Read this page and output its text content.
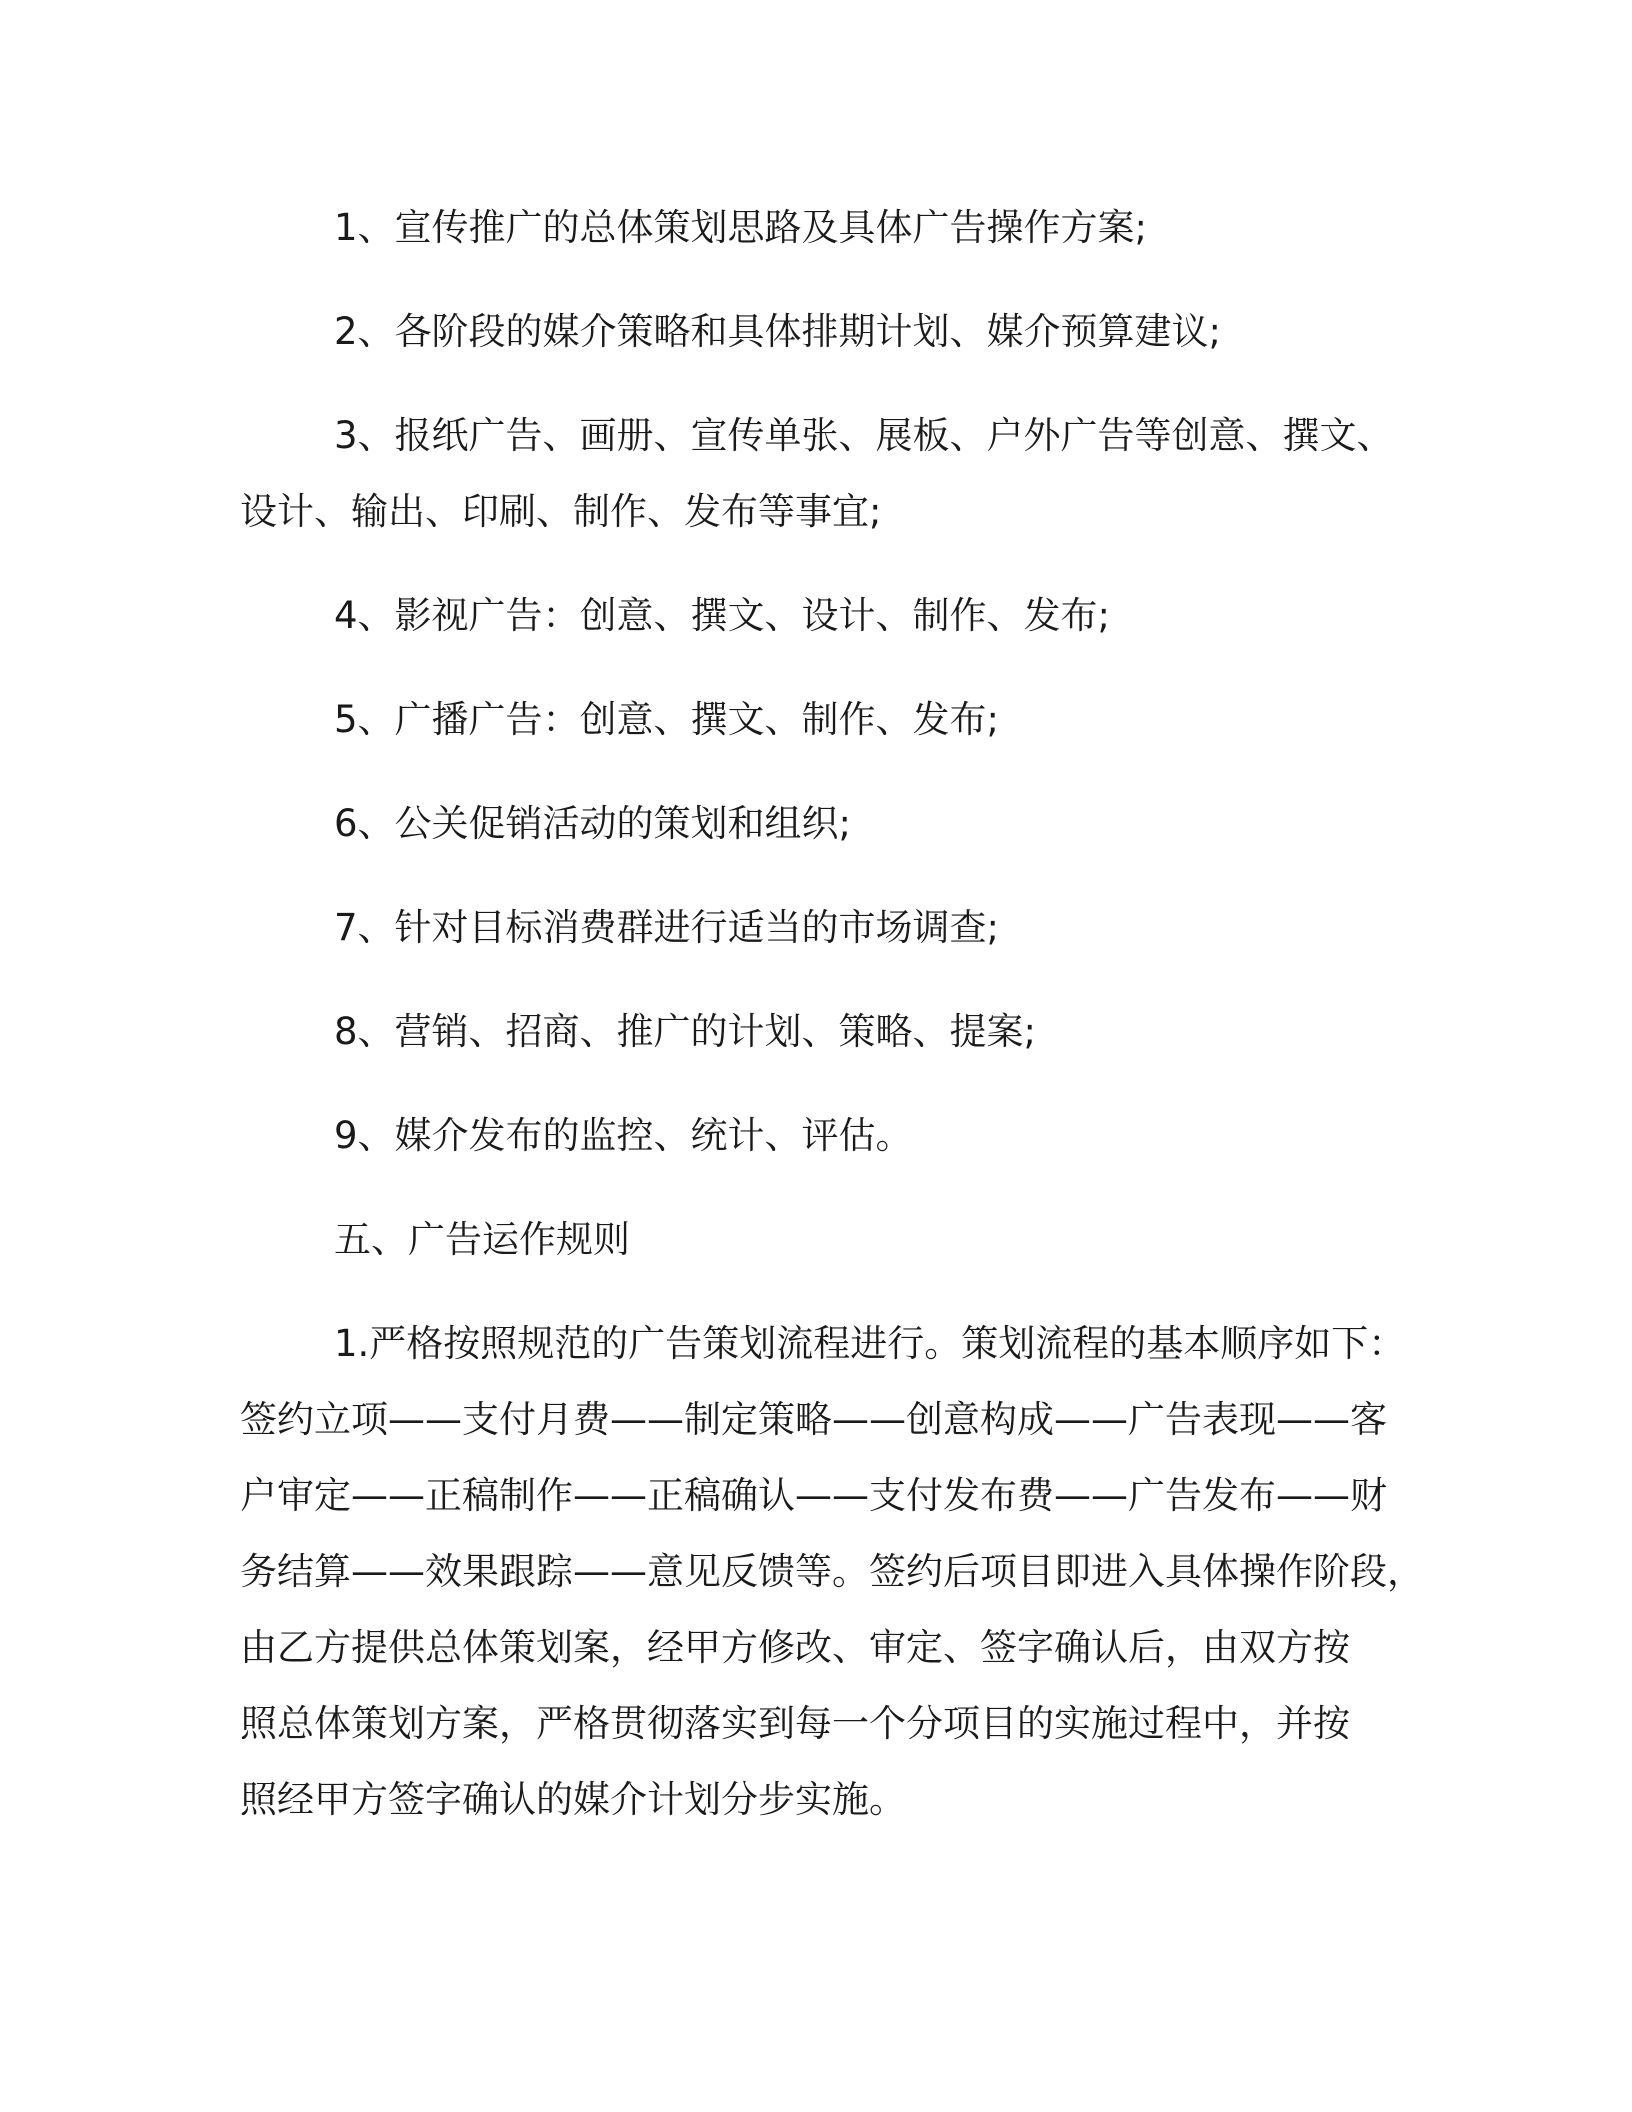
1、宣传推广的总体策划思路及具体广告操作方案;

2、各阶段的媒介策略和具体排期计划、媒介预算建议;

3、报纸广告、画册、宣传单张、展板、户外广告等创意、撰文、
设计、输出、印刷、制作、发布等事宜;

4、影视广告：创意、撰文、设计、制作、发布;

5、广播广告：创意、撰文、制作、发布;

6、公关促销活动的策划和组织;

7、针对目标消费群进行适当的市场调查;

8、营销、招商、推广的计划、策略、提案;

9、媒介发布的监控、统计、评估。

五、广告运作规则

1.严格按照规范的广告策划流程进行。策划流程的基本顺序如下：
签约立项——支付月费——制定策略——创意构成——广告表现——客
户审定——正稿制作——正稿确认——支付发布费——广告发布——财
务结算——效果跟踪——意见反馈等。签约后项目即进入具体操作阶段，
由乙方提供总体策划案，经甲方修改、审定、签字确认后，由双方按
照总体策划方案，严格贯彻落实到每一个分项目的实施过程中，并按
照经甲方签字确认的媒介计划分步实施。
